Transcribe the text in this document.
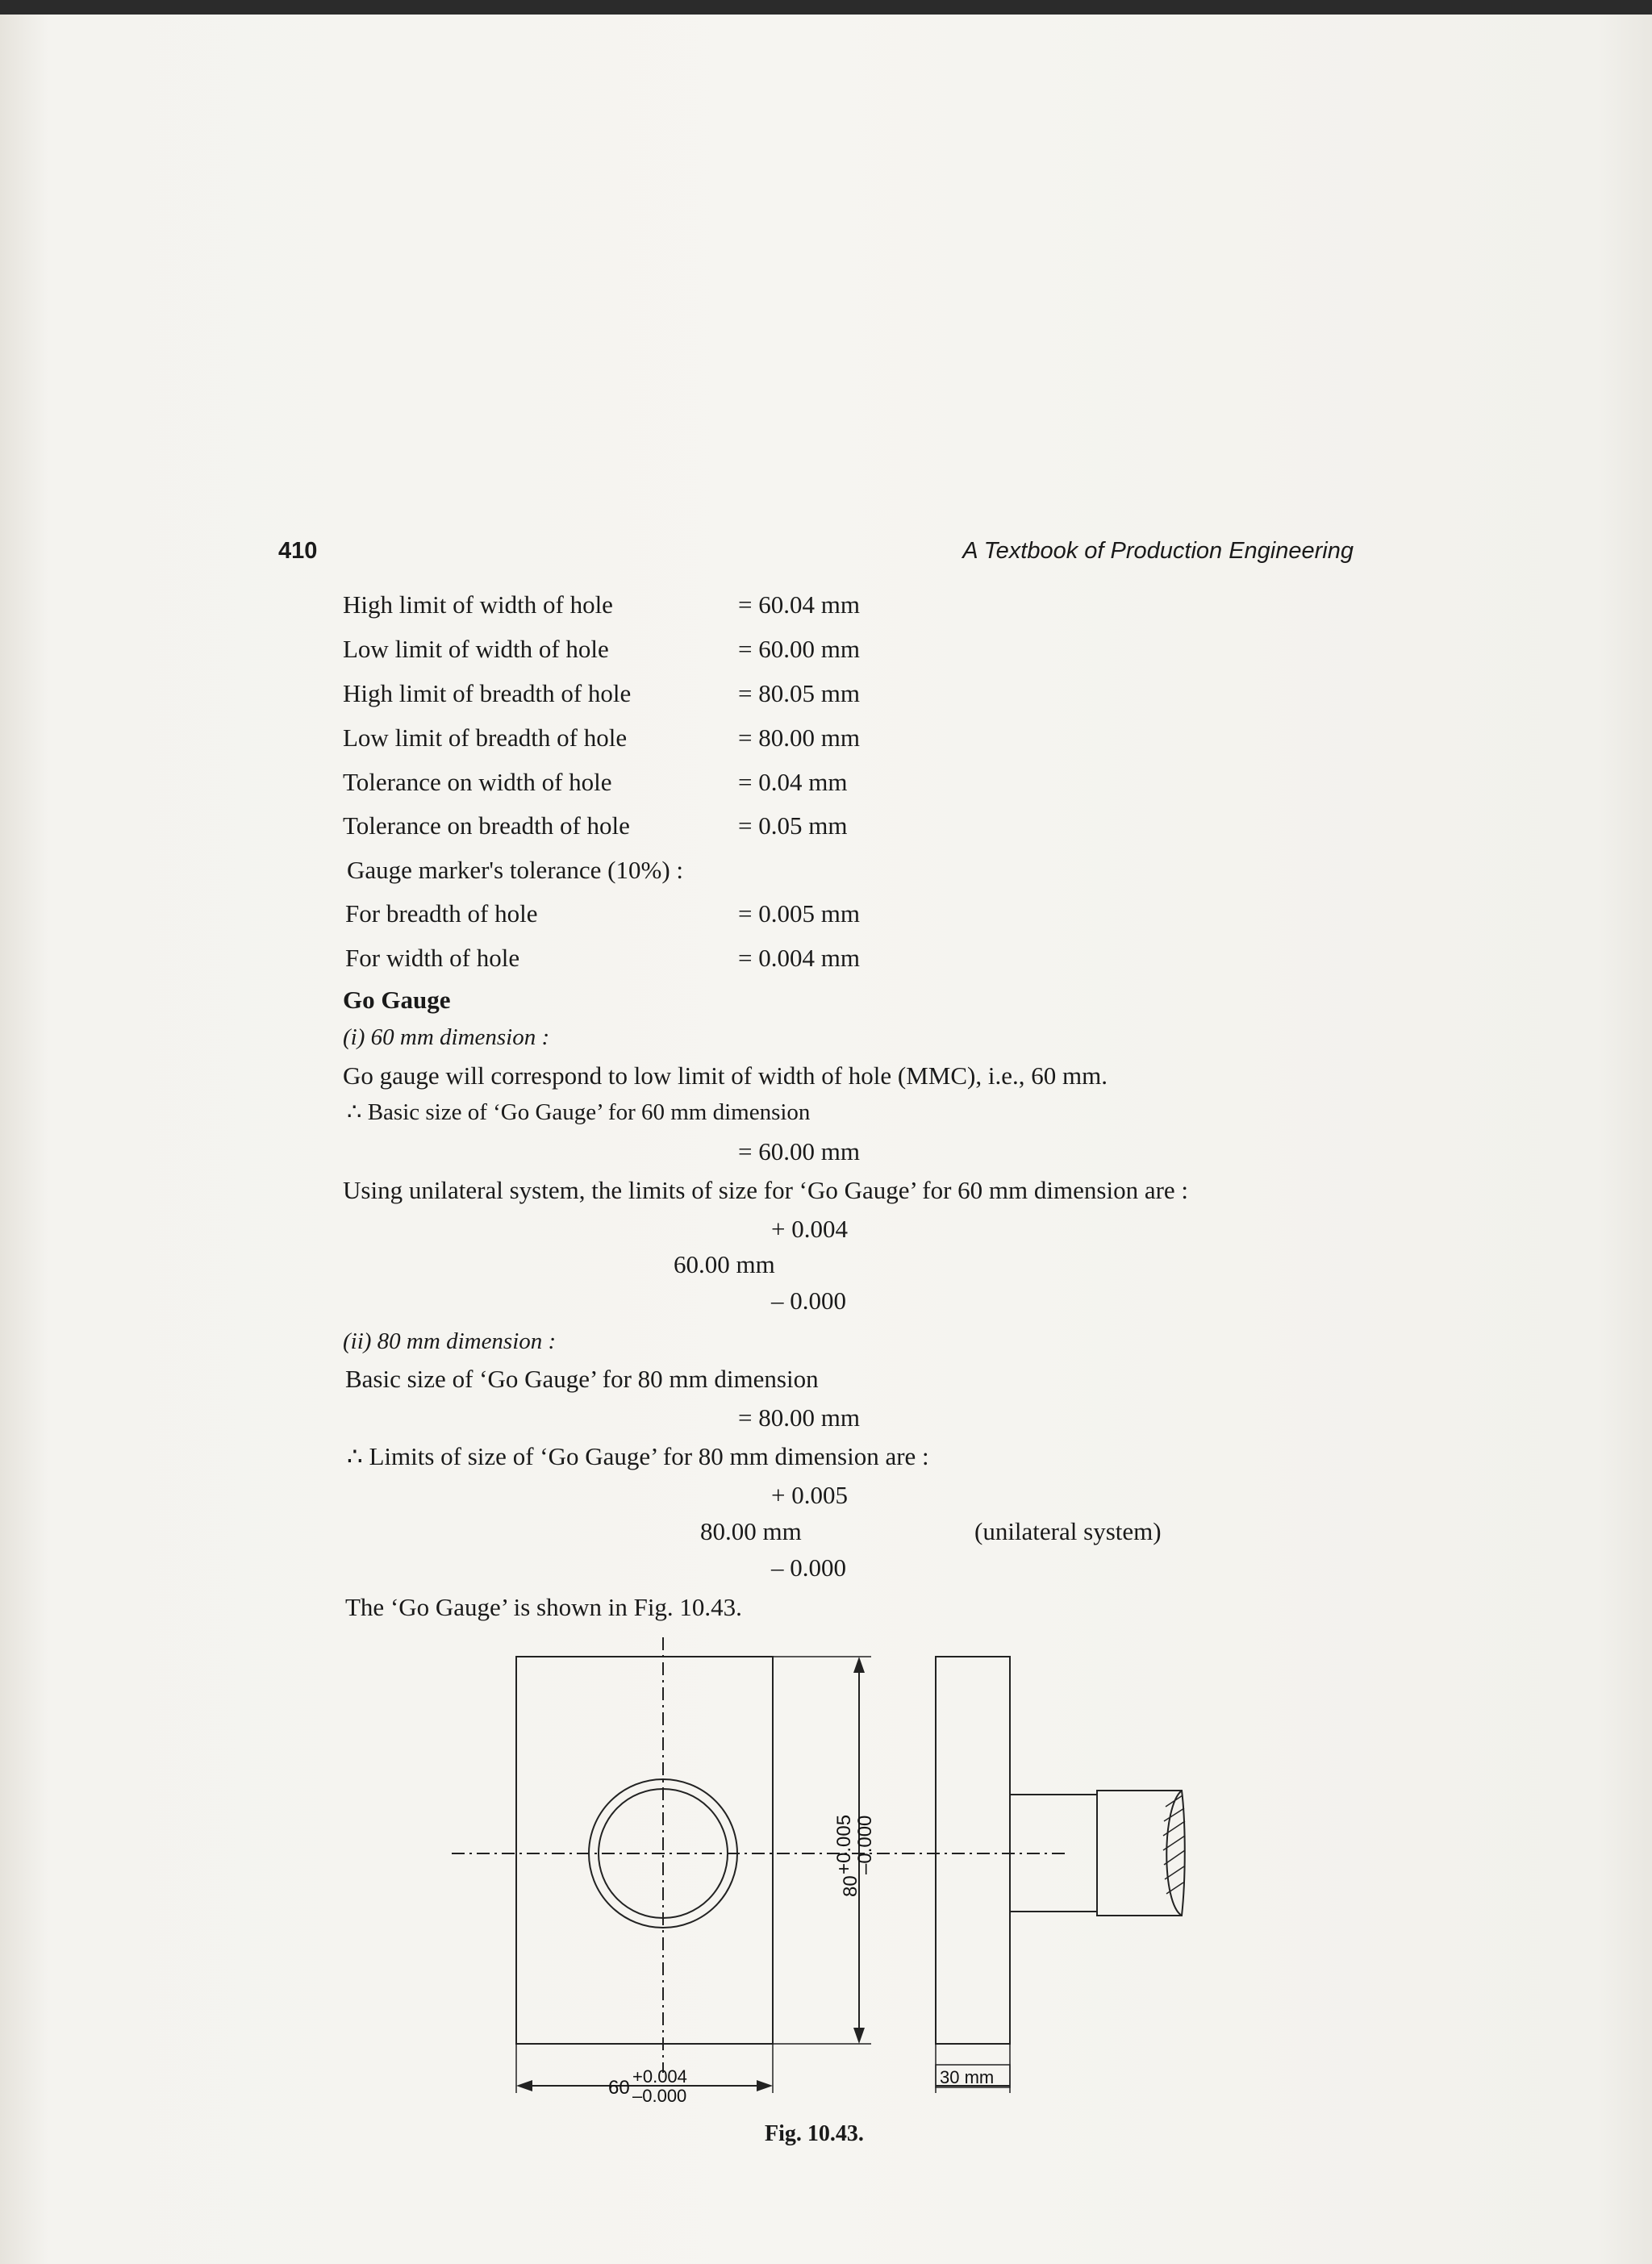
410	A Textbook of Production Engineering
High limit of width of hole	= 60.04 mm
Low limit of width of hole	= 60.00 mm
High limit of breadth of hole	= 80.05 mm
Low limit of breadth of hole	= 80.00 mm
Tolerance on width of hole	= 0.04 mm
Tolerance on breadth of hole	= 0.05 mm
Gauge marker's tolerance (10%) :
For breadth of hole	= 0.005 mm
For width of hole	= 0.004 mm
Go Gauge
(i) 60 mm dimension :
Go gauge will correspond to low limit of width of hole (MMC), i.e., 60 mm.
∴ Basic size of ‘Go Gauge’ for 60 mm dimension
= 60.00 mm
Using unilateral system, the limits of size for ‘Go Gauge’ for 60 mm dimension are :
+ 0.004
60.00 mm
– 0.000
(ii) 80 mm dimension :
Basic size of ‘Go Gauge’ for 80 mm dimension
= 80.00 mm
∴ Limits of size of ‘Go Gauge’ for 80 mm dimension are :
+ 0.005
80.00 mm	(unilateral system)
– 0.000
The ‘Go Gauge’ is shown in Fig. 10.43.
80
+0.005 –0.000
60
+0.004
–0.000
30 mm
Fig. 10.43.
